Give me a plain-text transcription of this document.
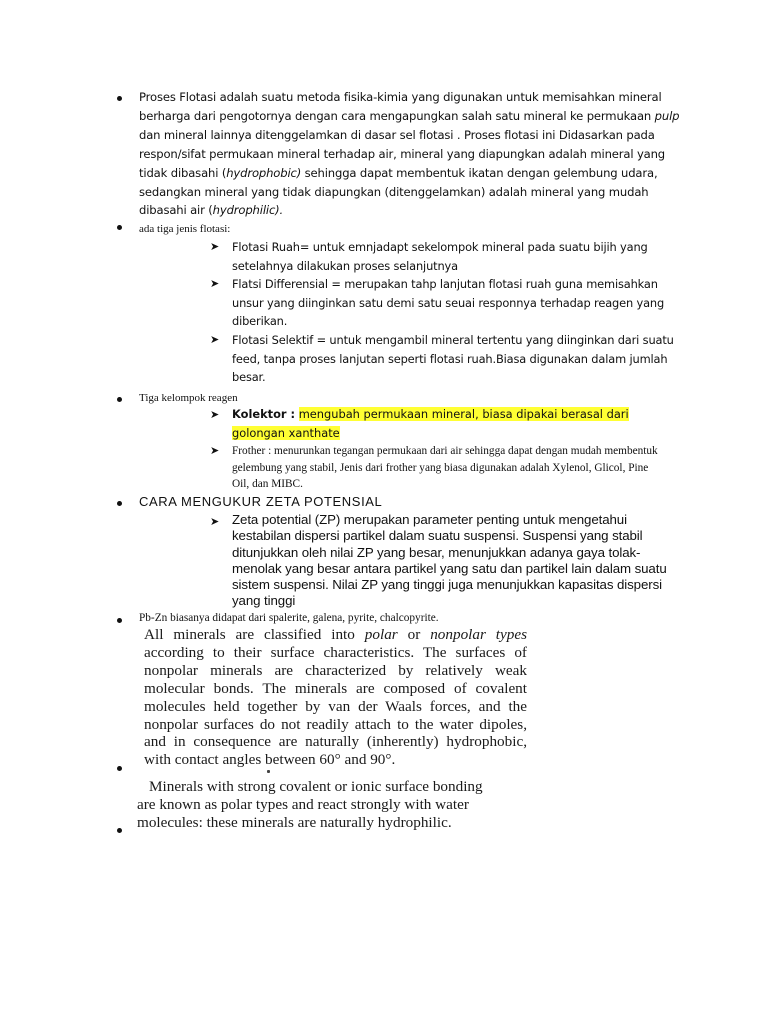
Proses Flotasi adalah suatu metoda fisika-kimia yang digunakan untuk memisahkan mineral berharga dari pengotornya dengan cara mengapungkan salah satu mineral ke permukaan pulp dan mineral lainnya ditenggelamkan di dasar sel flotasi . Proses flotasi ini Didasarkan pada respon/sifat permukaan mineral terhadap air, mineral yang diapungkan adalah mineral yang tidak dibasahi (hydrophobic) sehingga dapat membentuk ikatan dengan gelembung udara, sedangkan mineral yang tidak diapungkan (ditenggelamkan) adalah mineral yang mudah dibasahi air (hydrophilic).
ada tiga jenis flotasi:
➤ Flotasi Ruah= untuk emnjadapt sekelompok mineral pada suatu bijih yang setelahnya dilakukan proses selanjutnya
➤ Flatsi Differensial = merupakan tahp lanjutan flotasi ruah guna memisahkan unsur yang diinginkan satu demi satu seuai responnya terhadap reagen yang diberikan.
➤ Flotasi Selektif = untuk mengambil mineral tertentu yang diinginkan dari suatu feed, tanpa proses lanjutan seperti flotasi ruah.Biasa digunakan dalam jumlah besar.
Tiga kelompok reagen
➤ Kolektor : mengubah permukaan mineral, biasa dipakai berasal dari golongan xanthate
➤ Frother : menurunkan tegangan permukaan dari air sehingga dapat dengan mudah membentuk gelembung yang stabil, Jenis dari frother yang biasa digunakan adalah Xylenol, Glicol, Pine Oil, dan MIBC.
CARA MENGUKUR ZETA POTENSIAL
➤ Zeta potential (ZP) merupakan parameter penting untuk mengetahui kestabilan dispersi partikel dalam suatu suspensi. Suspensi yang stabil ditunjukkan oleh nilai ZP yang besar, menunjukkan adanya gaya tolak-menolak yang besar antara partikel yang satu dan partikel lain dalam suatu sistem suspensi. Nilai ZP yang tinggi juga menunjukkan kapasitas dispersi yang tinggi
Pb-Zn biasanya didapat dari spalerite, galena, pyrite, chalcopyrite.
All minerals are classified into polar or nonpolar types according to their surface characteristics. The surfaces of nonpolar minerals are characterized by relatively weak molecular bonds. The minerals are composed of covalent molecules held together by van der Waals forces, and the nonpolar surfaces do not readily attach to the water dipoles, and in consequence are naturally (inherently) hydrophobic, with contact angles between 60° and 90°.
Minerals with strong covalent or ionic surface bonding
are known as polar types and react strongly with water
molecules: these minerals are naturally hydrophilic.
